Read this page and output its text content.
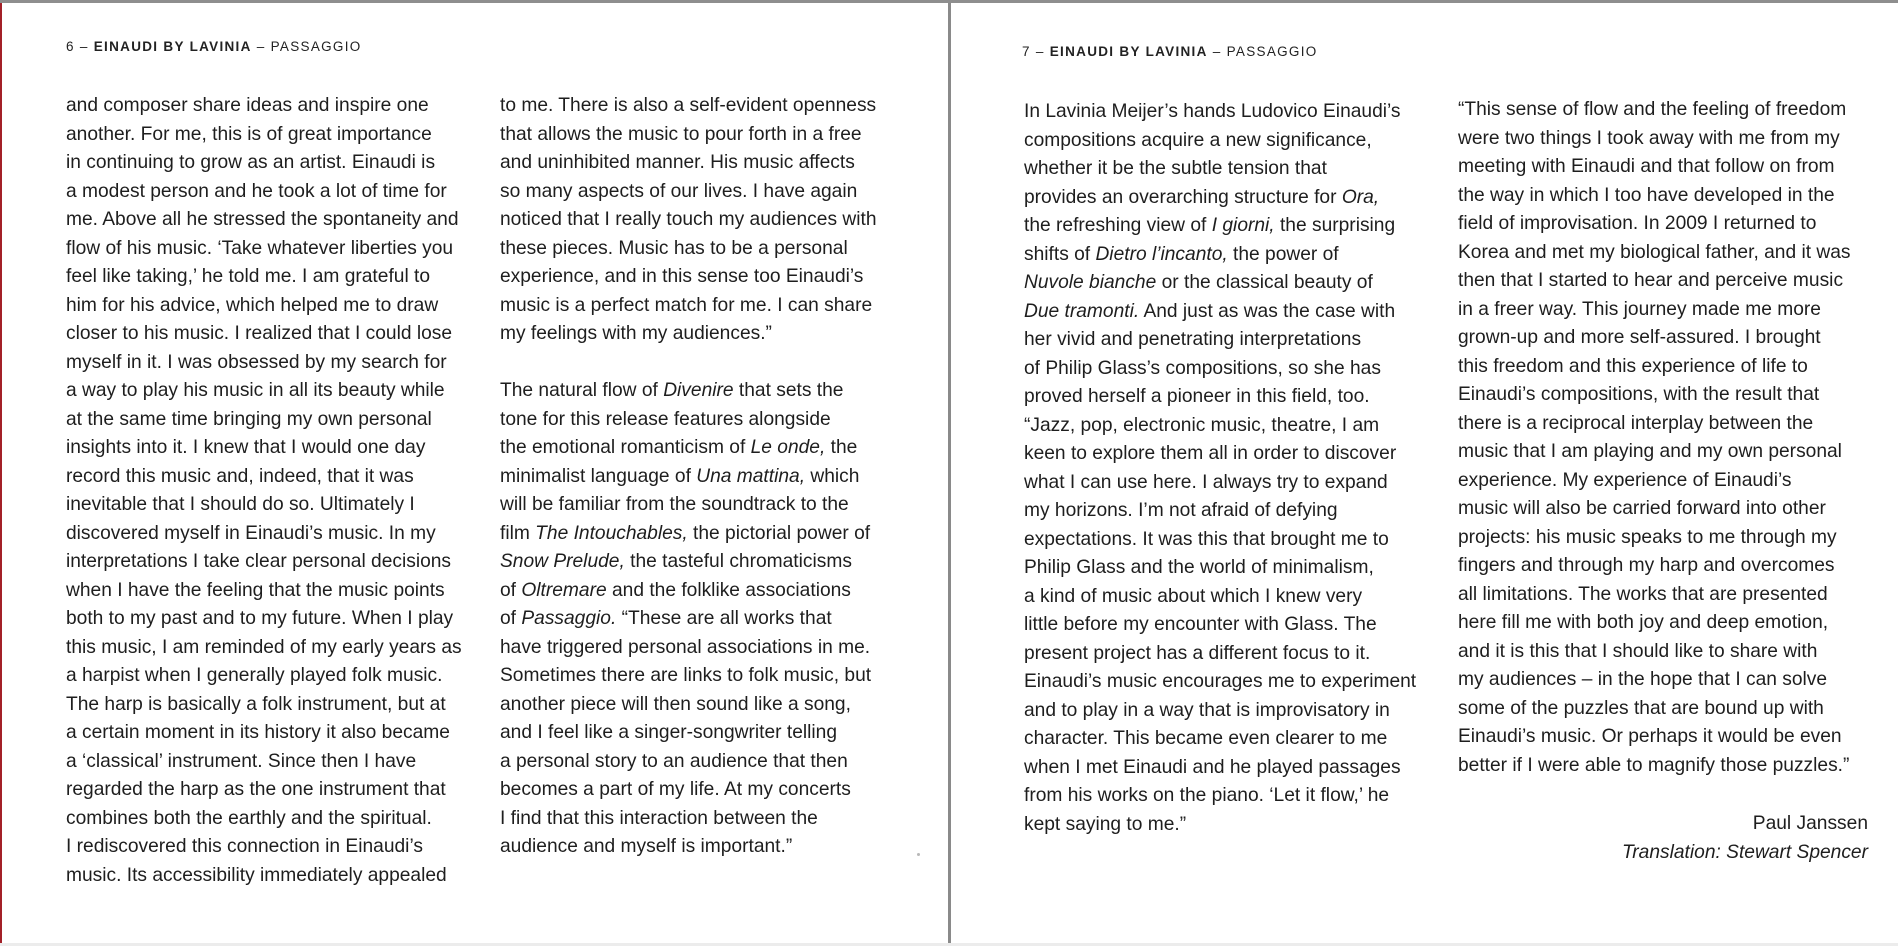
6 – EINAUDI BY LAVINIA – PASSAGGIO

and composer share ideas and inspire one

another. For me, this is of great importance

in continuing to grow as an artist. Einaudi is

a modest person and he took a lot of time for

me. Above all he stressed the spontaneity and

flow of his music. ‘Take whatever liberties you

feel like taking,’ he told me. I am grateful to

him for his advice, which helped me to draw

closer to his music. I realized that I could lose

myself in it. I was obsessed by my search for

a way to play his music in all its beauty while

at the same time bringing my own personal

insights into it. I knew that I would one day

record this music and, indeed, that it was

inevitable that I should do so. Ultimately I

discovered myself in Einaudi’s music. In my

interpretations I take clear personal decisions

when I have the feeling that the music points

both to my past and to my future. When I play

this music, I am reminded of my early years as

a harpist when I generally played folk music.

The harp is basically a folk instrument, but at

a certain moment in its history it also became

a ‘classical’ instrument. Since then I have

regarded the harp as the one instrument that

combines both the earthly and the spiritual.

I rediscovered this connection in Einaudi’s

music. Its accessibility immediately appealed

to me. There is also a self-evident openness

that allows the music to pour forth in a free

and uninhibited manner. His music affects

so many aspects of our lives. I have again

noticed that I really touch my audiences with

these pieces. Music has to be a personal

experience, and in this sense too Einaudi’s

music is a perfect match for me. I can share

my feelings with my audiences.”

The natural flow of Divenire that sets the

tone for this release features alongside

the emotional romanticism of Le onde, the

minimalist language of Una mattina, which

will be familiar from the soundtrack to the

film The Intouchables, the pictorial power of

Snow Prelude, the tasteful chromaticisms

of Oltremare and the folklike associations

of Passaggio. “These are all works that

have triggered personal associations in me.

Sometimes there are links to folk music, but

another piece will then sound like a song,

and I feel like a singer-songwriter telling

a personal story to an audience that then

becomes a part of my life. At my concerts

I find that this interaction between the

audience and myself is important.”

7 – EINAUDI BY LAVINIA – PASSAGGIO

In Lavinia Meijer’s hands Ludovico Einaudi’s

compositions acquire a new significance,

whether it be the subtle tension that

provides an overarching structure for Ora,

the refreshing view of I giorni, the surprising

shifts of Dietro l’incanto, the power of

Nuvole bianche or the classical beauty of

Due tramonti. And just as was the case with

her vivid and penetrating interpretations

of Philip Glass’s compositions, so she has

proved herself a pioneer in this field, too.

“Jazz, pop, electronic music, theatre, I am

keen to explore them all in order to discover

what I can use here. I always try to expand

my horizons. I’m not afraid of defying

expectations. It was this that brought me to

Philip Glass and the world of minimalism,

a kind of music about which I knew very

little before my encounter with Glass. The

present project has a different focus to it.

Einaudi’s music encourages me to experiment

and to play in a way that is improvisatory in

character. This became even clearer to me

when I met Einaudi and he played passages

from his works on the piano. ‘Let it flow,’ he

kept saying to me.”

“This sense of flow and the feeling of freedom

were two things I took away with me from my

meeting with Einaudi and that follow on from

the way in which I too have developed in the

field of improvisation. In 2009 I returned to

Korea and met my biological father, and it was

then that I started to hear and perceive music

in a freer way. This journey made me more

grown-up and more self-assured. I brought

this freedom and this experience of life to

Einaudi’s compositions, with the result that

there is a reciprocal interplay between the

music that I am playing and my own personal

experience. My experience of Einaudi’s

music will also be carried forward into other

projects: his music speaks to me through my

fingers and through my harp and overcomes

all limitations. The works that are presented

here fill me with both joy and deep emotion,

and it is this that I should like to share with

my audiences – in the hope that I can solve

some of the puzzles that are bound up with

Einaudi’s music. Or perhaps it would be even

better if I were able to magnify those puzzles.”

Paul Janssen
Translation: Stewart Spencer
